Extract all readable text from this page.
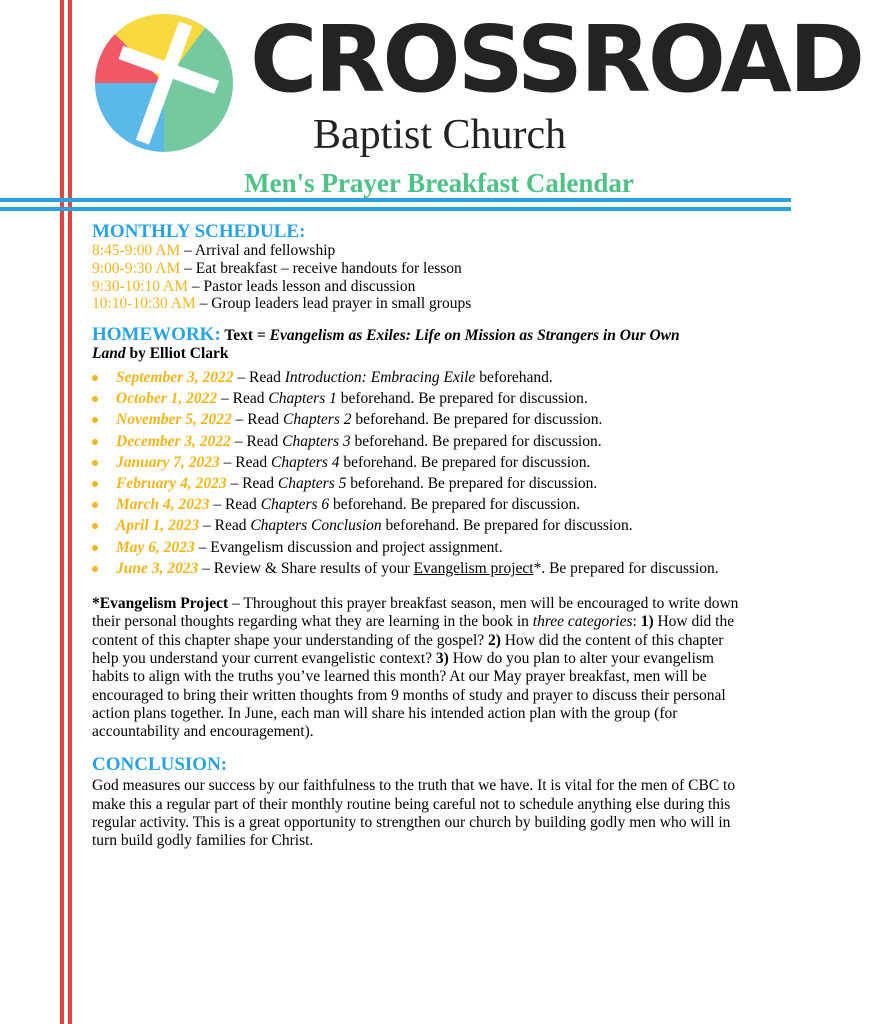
CROSSROAD
Baptist Church
Men's Prayer Breakfast Calendar
MONTHLY SCHEDULE:

8:45-9:00 AM – Arrival and fellowship

9:00-9:30 AM – Eat breakfast – receive handouts for lesson

9:30-10:10 AM – Pastor leads lesson and discussion

10:10-10:30 AM – Group leaders lead prayer in small groups

HOMEWORK: Text = Evangelism as Exiles: Life on Mission as Strangers in Our Own
Land by Elliot Clark
September 3, 2022 – Read Introduction: Embracing Exile beforehand.
October 1, 2022 – Read Chapters 1 beforehand. Be prepared for discussion.
November 5, 2022 – Read Chapters 2 beforehand. Be prepared for discussion.
December 3, 2022 – Read Chapters 3 beforehand. Be prepared for discussion.
January 7, 2023 – Read Chapters 4 beforehand. Be prepared for discussion.
February 4, 2023 – Read Chapters 5 beforehand. Be prepared for discussion.
March 4, 2023 – Read Chapters 6 beforehand. Be prepared for discussion.
April 1, 2023 – Read Chapters Conclusion beforehand. Be prepared for discussion.
May 6, 2023 – Evangelism discussion and project assignment.
June 3, 2023 – Review & Share results of your Evangelism project*. Be prepared for discussion.
*Evangelism Project – Throughout this prayer breakfast season, men will be encouraged to write down their personal thoughts regarding what they are learning in the book in three categories: 1) How did the content of this chapter shape your understanding of the gospel? 2) How did the content of this chapter help you understand your current evangelistic context? 3) How do you plan to alter your evangelism habits to align with the truths you’ve learned this month? At our May prayer breakfast, men will be encouraged to bring their written thoughts from 9 months of study and prayer to discuss their personal action plans together. In June, each man will share his intended action plan with the group (for accountability and encouragement).
CONCLUSION:

God measures our success by our faithfulness to the truth that we have. It is vital for the men of CBC to make this a regular part of their monthly routine being careful not to schedule anything else during this regular activity. This is a great opportunity to strengthen our church by building godly men who will in turn build godly families for Christ.
